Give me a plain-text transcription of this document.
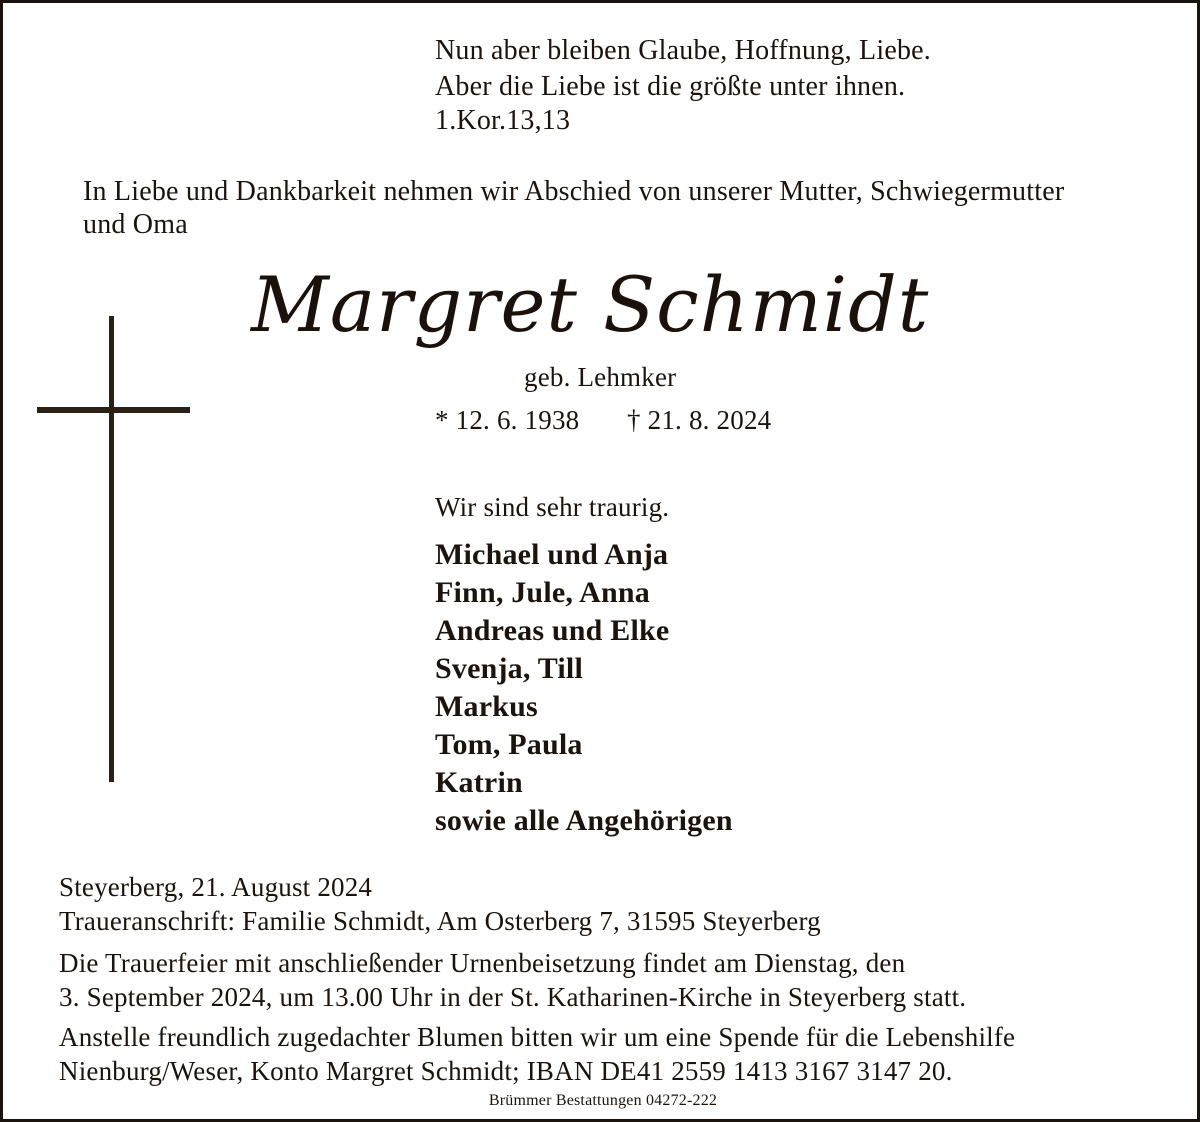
Nun aber bleiben Glaube, Hoffnung, Liebe.

Aber die Liebe ist die größte unter ihnen.

1.Kor.13,13

In Liebe und Dankbarkeit nehmen wir Abschied von unserer Mutter, Schwiegermutter

und Oma

Margret Schmidt

geb. Lehmker

* 12. 6. 1938 † 21. 8. 2024

Wir sind sehr traurig.

Michael und Anja

Finn, Jule, Anna

Andreas und Elke

Svenja, Till

Markus

Tom, Paula

Katrin

sowie alle Angehörigen

Steyerberg, 21. August 2024

Traueranschrift: Familie Schmidt, Am Osterberg 7, 31595 Steyerberg

Die Trauerfeier mit anschließender Urnenbeisetzung findet am Dienstag, den

3. September 2024, um 13.00 Uhr in der St. Katharinen-Kirche in Steyerberg statt.

Anstelle freundlich zugedachter Blumen bitten wir um eine Spende für die Lebenshilfe

Nienburg/Weser, Konto Margret Schmidt; IBAN DE41 2559 1413 3167 3147 20.

Brümmer Bestattungen 04272-222
